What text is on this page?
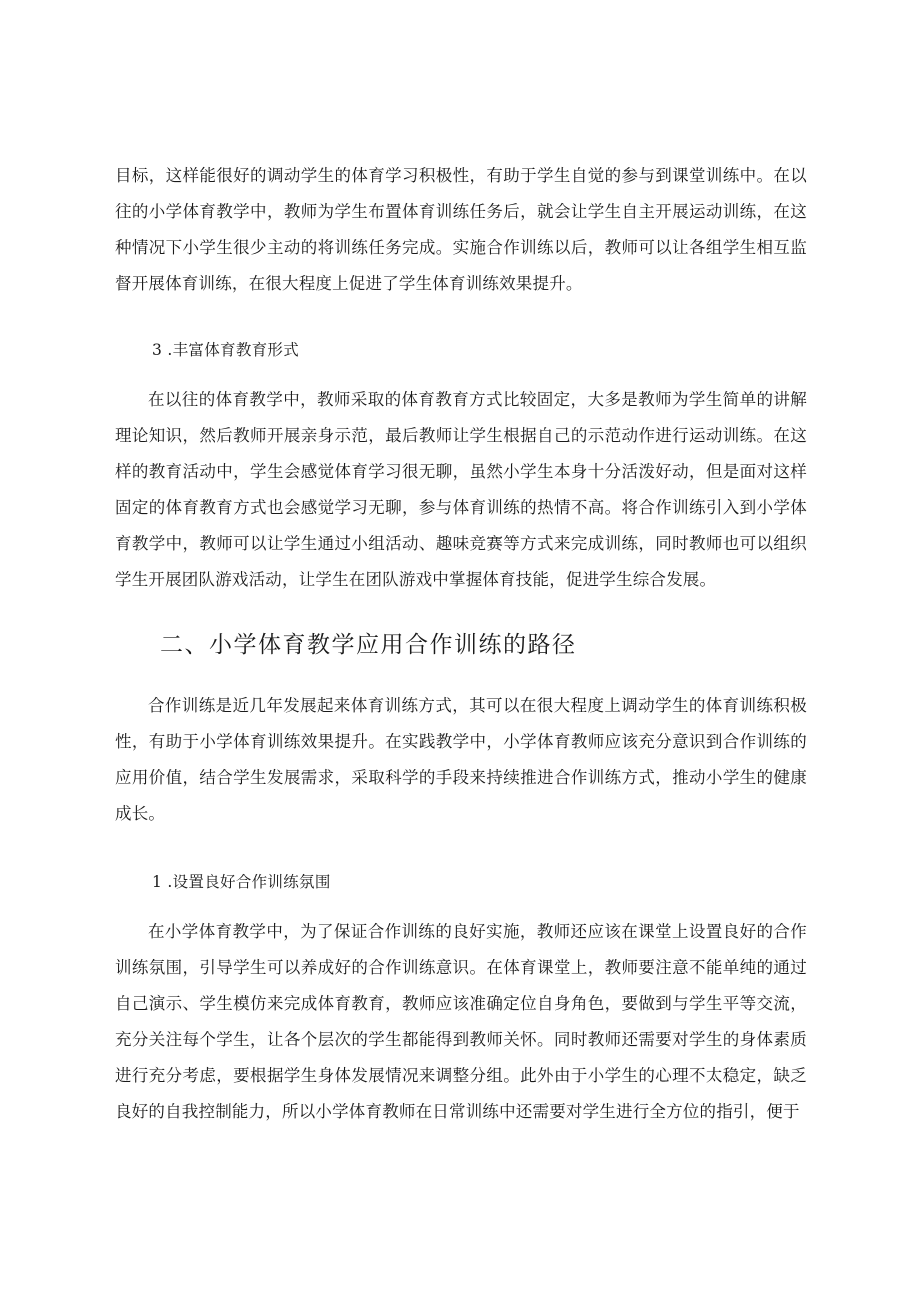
目标，这样能很好的调动学生的体育学习积极性，有助于学生自觉的参与到课堂训练中。在以往的小学体育教学中，教师为学生布置体育训练任务后，就会让学生自主开展运动训练，在这种情况下小学生很少主动的将训练任务完成。实施合作训练以后，教师可以让各组学生相互监督开展体育训练，在很大程度上促进了学生体育训练效果提升。

3 .丰富体育教育形式

在以往的体育教学中，教师采取的体育教育方式比较固定，大多是教师为学生简单的讲解理论知识，然后教师开展亲身示范，最后教师让学生根据自己的示范动作进行运动训练。在这样的教育活动中，学生会感觉体育学习很无聊，虽然小学生本身十分活泼好动，但是面对这样固定的体育教育方式也会感觉学习无聊，参与体育训练的热情不高。将合作训练引入到小学体育教学中，教师可以让学生通过小组活动、趣味竞赛等方式来完成训练，同时教师也可以组织学生开展团队游戏活动，让学生在团队游戏中掌握体育技能，促进学生综合发展。

二、小学体育教学应用合作训练的路径

合作训练是近几年发展起来体育训练方式，其可以在很大程度上调动学生的体育训练积极性，有助于小学体育训练效果提升。在实践教学中，小学体育教师应该充分意识到合作训练的应用价值，结合学生发展需求，采取科学的手段来持续推进合作训练方式，推动小学生的健康成长。

1 .设置良好合作训练氛围

在小学体育教学中，为了保证合作训练的良好实施，教师还应该在课堂上设置良好的合作训练氛围，引导学生可以养成好的合作训练意识。在体育课堂上，教师要注意不能单纯的通过自己演示、学生模仿来完成体育教育，教师应该准确定位自身角色，要做到与学生平等交流，充分关注每个学生，让各个层次的学生都能得到教师关怀。同时教师还需要对学生的身体素质进行充分考虑，要根据学生身体发展情况来调整分组。此外由于小学生的心理不太稳定，缺乏良好的自我控制能力，所以小学体育教师在日常训练中还需要对学生进行全方位的指引，便于
